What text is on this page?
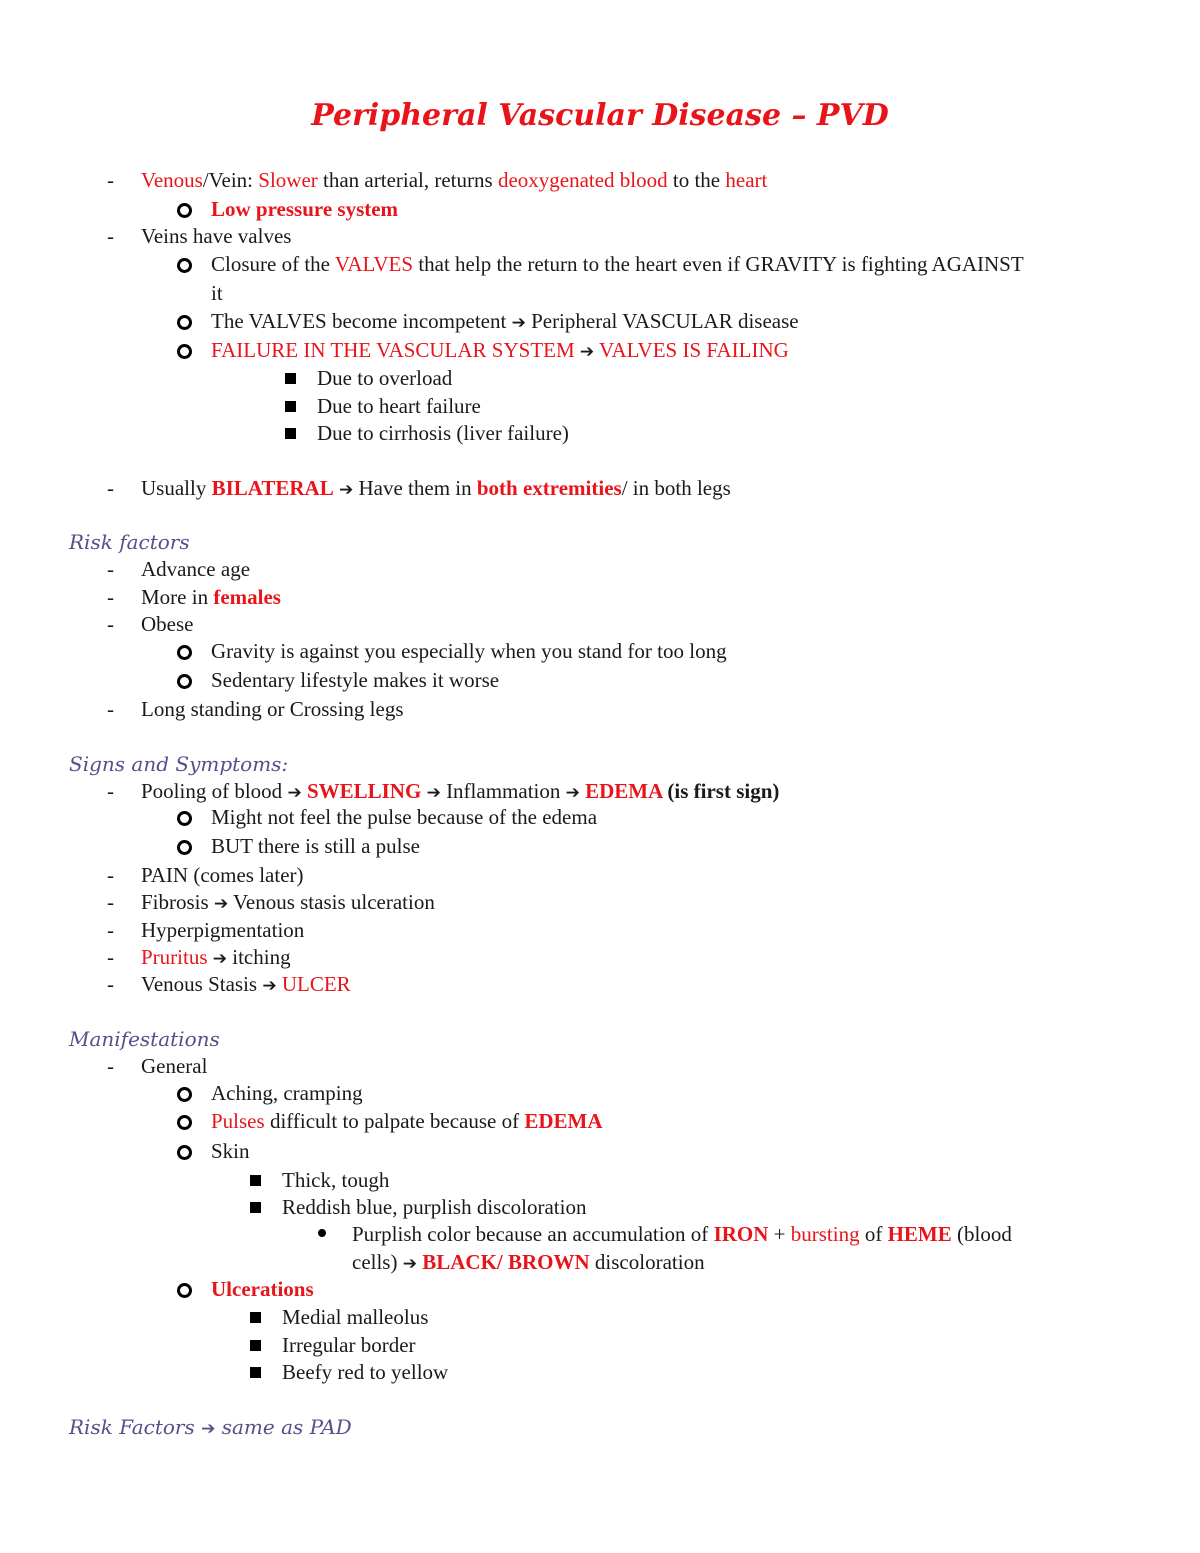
Peripheral Vascular Disease – PVD
- Venous/Vein: Slower than arterial, returns deoxygenated blood to the heart
Low pressure system
- Veins have valves
Closure of the VALVES that help the return to the heart even if GRAVITY is fighting AGAINST
it
The VALVES become incompetent ➔ Peripheral VASCULAR disease
FAILURE IN THE VASCULAR SYSTEM ➔ VALVES IS FAILING
Due to overload
Due to heart failure
Due to cirrhosis (liver failure)
- Usually BILATERAL ➔ Have them in both extremities/ in both legs
Risk factors
- Advance age
- More in females
- Obese
Gravity is against you especially when you stand for too long
Sedentary lifestyle makes it worse
- Long standing or Crossing legs
Signs and Symptoms:
- Pooling of blood ➔ SWELLING ➔ Inflammation ➔ EDEMA (is first sign)
Might not feel the pulse because of the edema
BUT there is still a pulse
- PAIN (comes later)
- Fibrosis ➔ Venous stasis ulceration
- Hyperpigmentation
- Pruritus ➔ itching
- Venous Stasis ➔ ULCER
Manifestations
- General
Aching, cramping
Pulses difficult to palpate because of EDEMA
Skin
Thick, tough
Reddish blue, purplish discoloration
Purplish color because an accumulation of IRON + bursting of HEME (blood
cells) ➔ BLACK/ BROWN discoloration
Ulcerations
Medial malleolus
Irregular border
Beefy red to yellow
Risk Factors ➔ same as PAD
